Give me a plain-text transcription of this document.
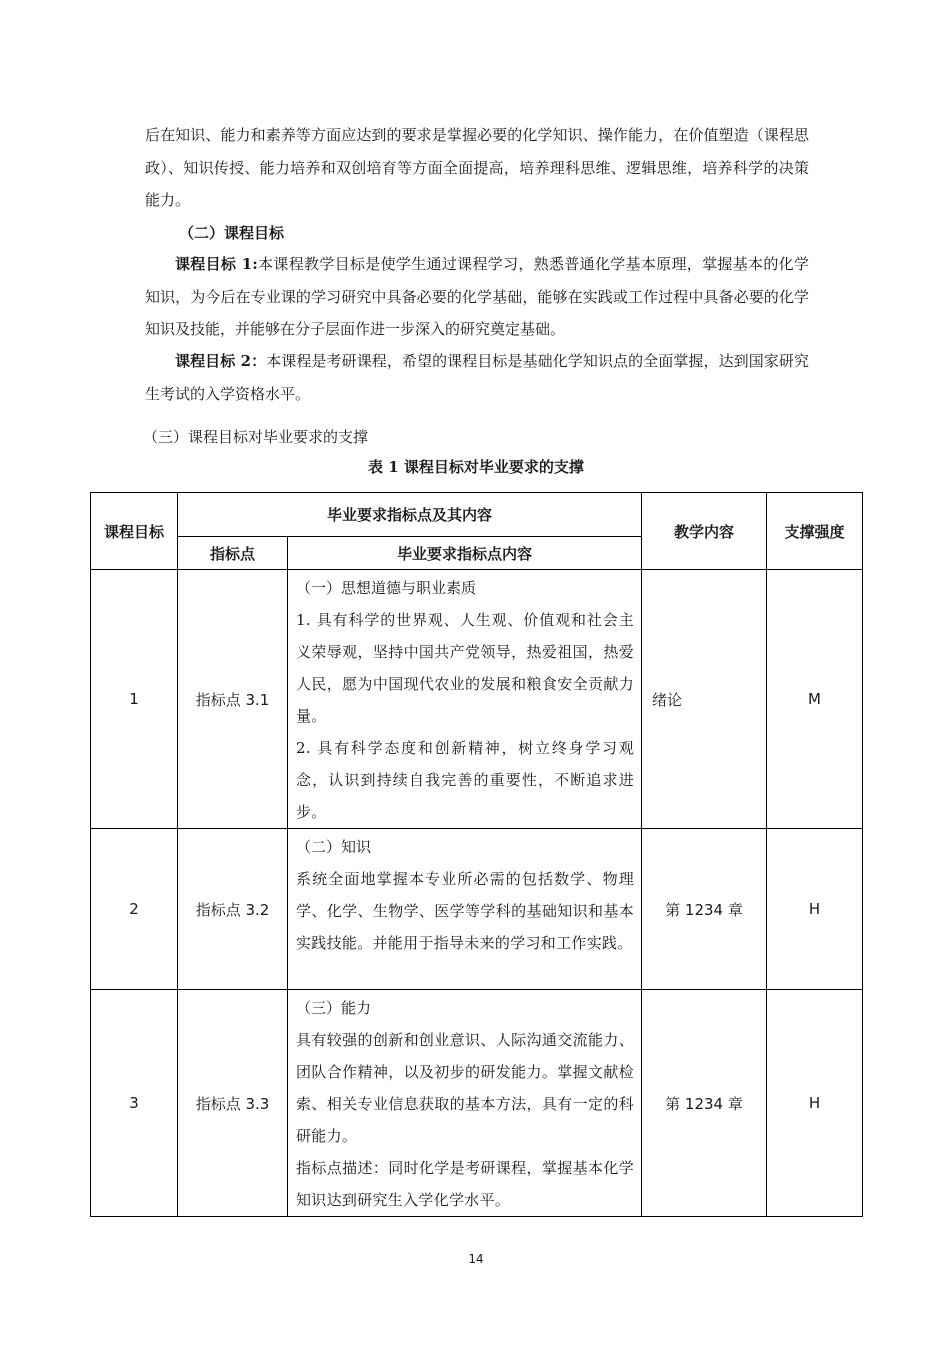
后在知识、能力和素养等方面应达到的要求是掌握必要的化学知识、操作能力，在价值塑造（课程思政）、知识传授、能力培养和双创培育等方面全面提高，培养理科思维、逻辑思维，培养科学的决策能力。

（二）课程目标

课程目标 1:本课程教学目标是使学生通过课程学习，熟悉普通化学基本原理，掌握基本的化学知识，为今后在专业课的学习研究中具备必要的化学基础，能够在实践或工作过程中具备必要的化学知识及技能，并能够在分子层面作进一步深入的研究奠定基础。

课程目标 2：本课程是考研课程，希望的课程目标是基础化学知识点的全面掌握，达到国家研究生考试的入学资格水平。

（三）课程目标对毕业要求的支撑

表 1 课程目标对毕业要求的支撑
课程目标	毕业要求指标点及其内容		教学内容	支撑强度
	指标点	毕业要求指标点内容		
1	指标点 3.1	（一）思想道德与职业素质
1. 具有科学的世界观、人生观、价值观和社会主义荣辱观，坚持中国共产党领导，热爱祖国，热爱人民，愿为中国现代农业的发展和粮食安全贡献力量。
2. 具有科学态度和创新精神，树立终身学习观念，认识到持续自我完善的重要性，不断追求进步。	绪论	M
2	指标点 3.2	（二）知识
系统全面地掌握本专业所必需的包括数学、物理学、化学、生物学、医学等学科的基础知识和基本实践技能。并能用于指导未来的学习和工作实践。	第 1234 章	H
3	指标点 3.3	（三）能力
具有较强的创新和创业意识、人际沟通交流能力、团队合作精神，以及初步的研发能力。掌握文献检索、相关专业信息获取的基本方法，具有一定的科研能力。
指标点描述：同时化学是考研课程，掌握基本化学知识达到研究生入学化学水平。	第 1234 章	H
14
